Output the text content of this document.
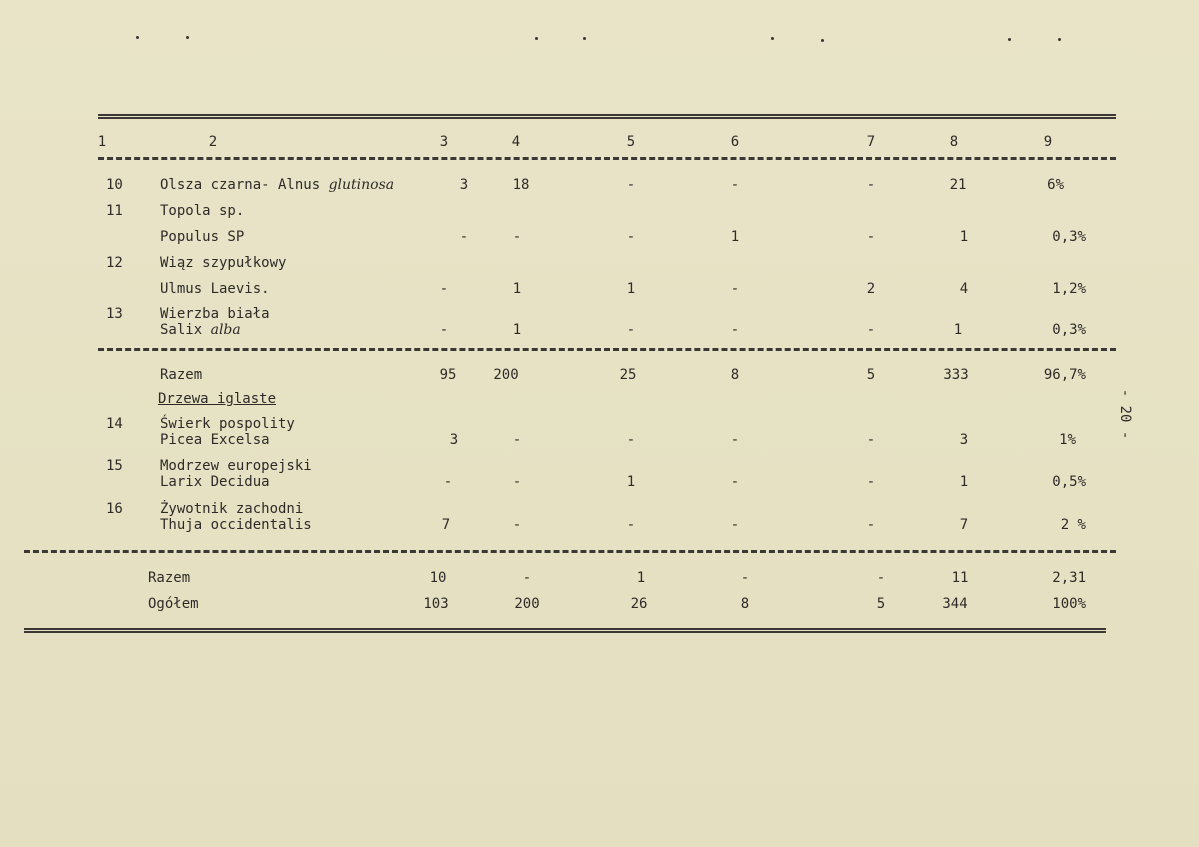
1	2	3	4	5	6	7	8	9
10	Olsza czarna- Alnus glutinosa	3	18	-	-	-	21	6%
11	Topola sp.
Populus SP	-	-	-	1	-	1	0,3%
12	Wiąz szypułkowy
Ulmus Laevis.	-	1	1	-	2	4	1,2%
13	Wierzba biała
Salix alba	-	1	-	-	-	1	0,3%
Razem	95	200	25	8	5	333	96,7%
Drzewa iglaste
14	Świerk pospolity
Picea Excelsa	3	-	-	-	-	3	1%
15	Modrzew europejski
Larix Decidua	-	-	1	-	-	1	0,5%
16	Żywotnik zachodni
Thuja occidentalis	7	-	-	-	-	7	2 %
Razem	10	-	1	-	-	11	2,31
Ogółem	103	200	26	8	5	344	100%
- 20 -
